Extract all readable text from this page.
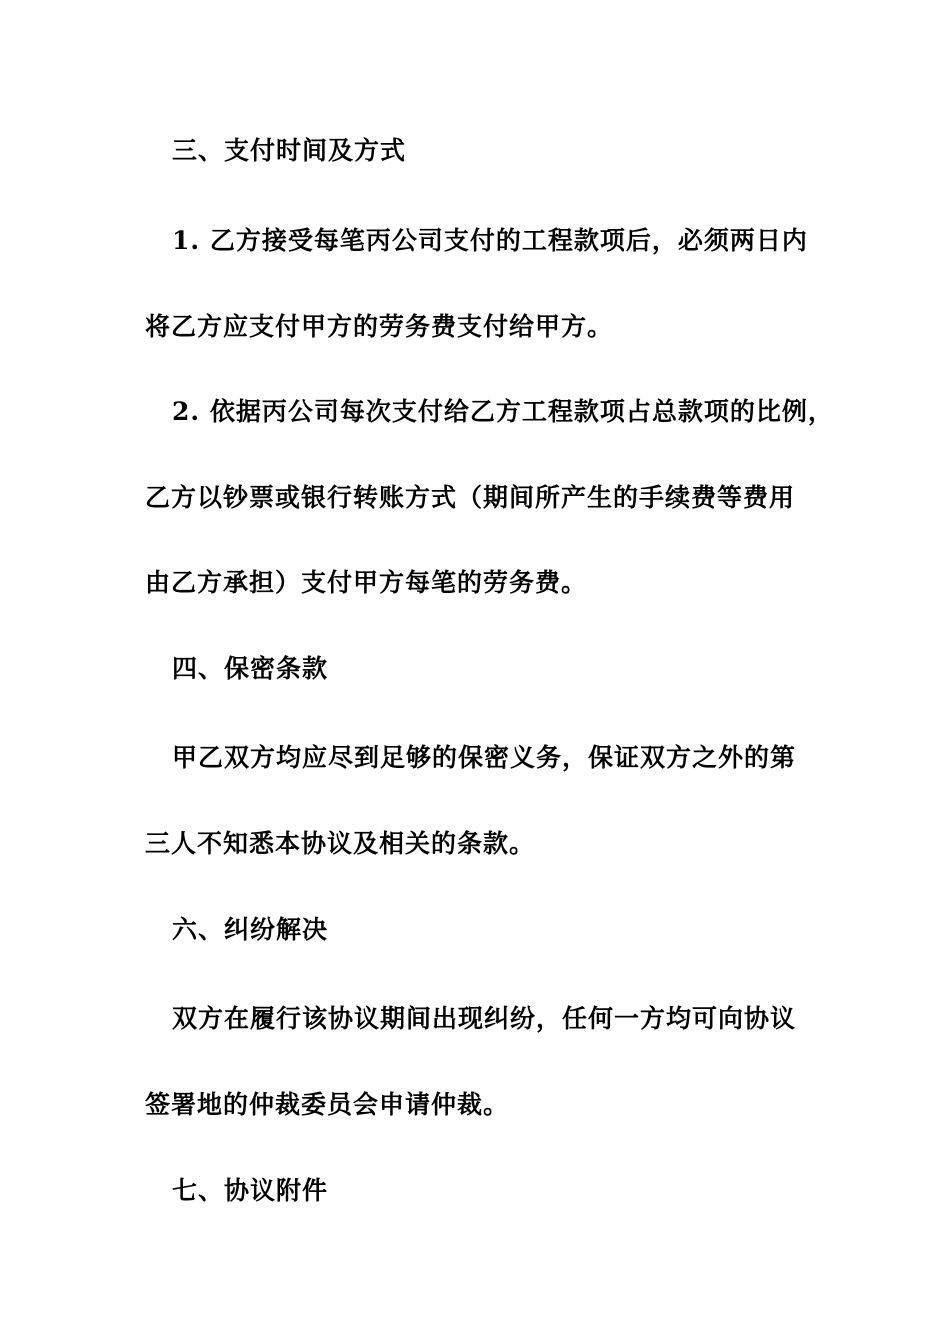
三、支付时间及方式
1. 乙方接受每笔丙公司支付的工程款项后，必须两日内
将乙方应支付甲方的劳务费支付给甲方。
2. 依据丙公司每次支付给乙方工程款项占总款项的比例，
乙方以钞票或银行转账方式（期间所产生的手续费等费用
由乙方承担）支付甲方每笔的劳务费。
四、保密条款
甲乙双方均应尽到足够的保密义务，保证双方之外的第
三人不知悉本协议及相关的条款。
六、纠纷解决
双方在履行该协议期间出现纠纷，任何一方均可向协议
签署地的仲裁委员会申请仲裁。
七、协议附件
